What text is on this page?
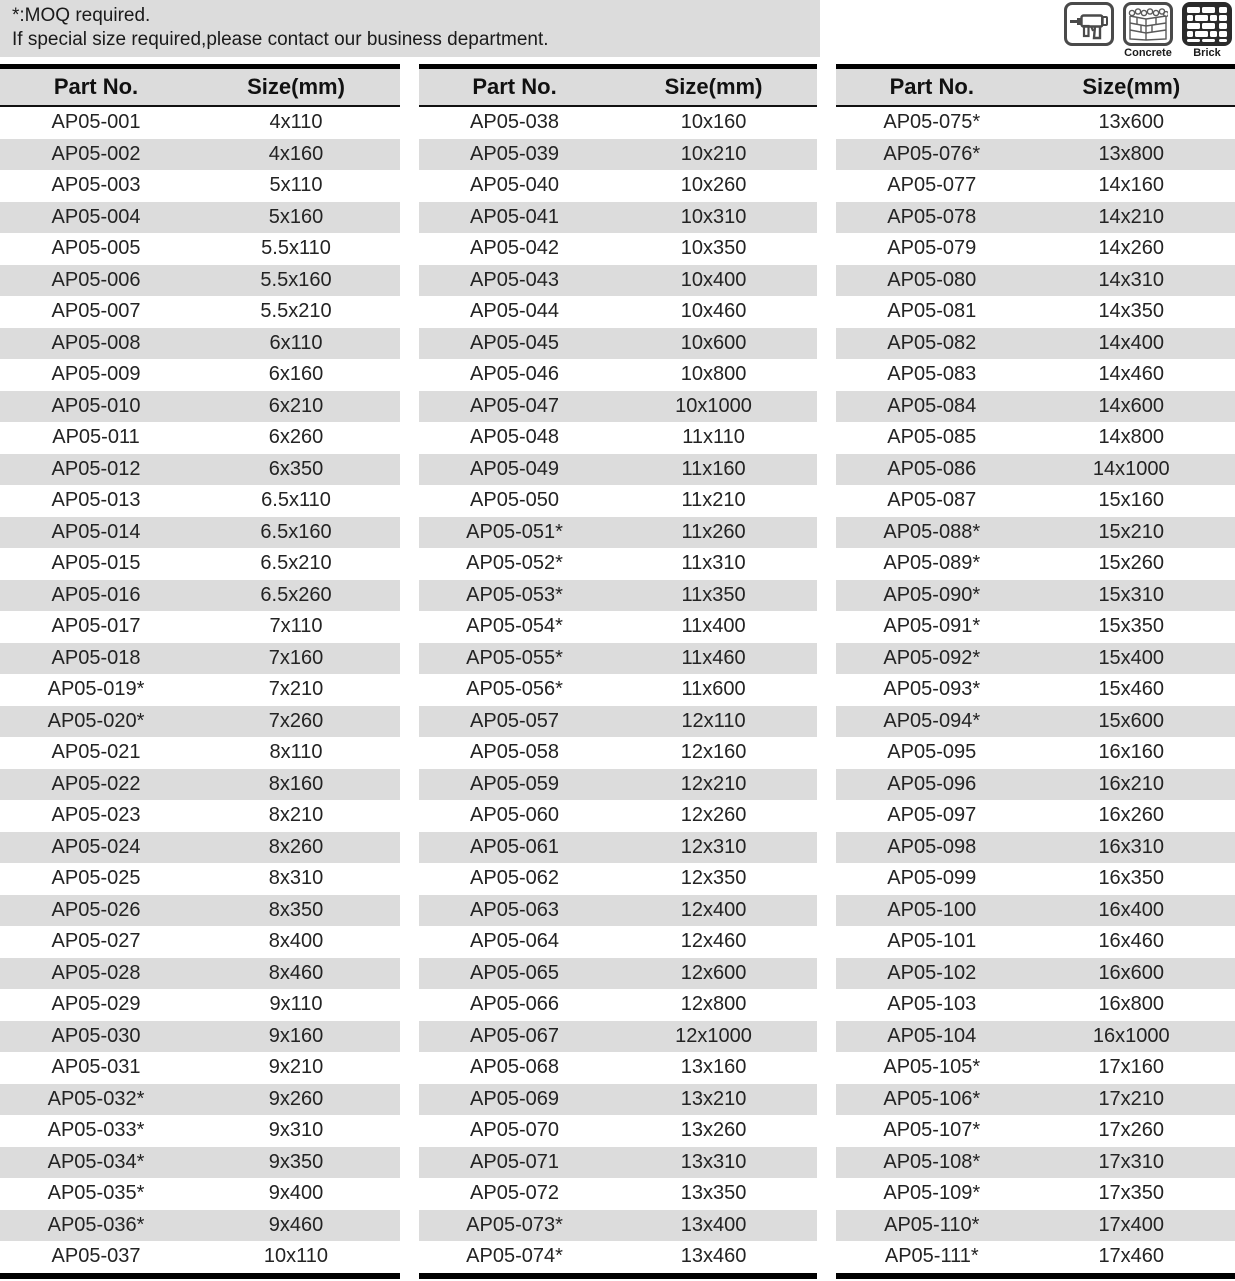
*:MOQ required.
If special size required,please contact our business department.
Concrete Brick
Part No.	Size(mm)
AP05-001	4x110
AP05-002	4x160
AP05-003	5x110
AP05-004	5x160
AP05-005	5.5x110
AP05-006	5.5x160
AP05-007	5.5x210
AP05-008	6x110
AP05-009	6x160
AP05-010	6x210
AP05-011	6x260
AP05-012	6x350
AP05-013	6.5x110
AP05-014	6.5x160
AP05-015	6.5x210
AP05-016	6.5x260
AP05-017	7x110
AP05-018	7x160
AP05-019*	7x210
AP05-020*	7x260
AP05-021	8x110
AP05-022	8x160
AP05-023	8x210
AP05-024	8x260
AP05-025	8x310
AP05-026	8x350
AP05-027	8x400
AP05-028	8x460
AP05-029	9x110
AP05-030	9x160
AP05-031	9x210
AP05-032*	9x260
AP05-033*	9x310
AP05-034*	9x350
AP05-035*	9x400
AP05-036*	9x460
AP05-037	10x110
Part No.	Size(mm)
AP05-038	10x160
AP05-039	10x210
AP05-040	10x260
AP05-041	10x310
AP05-042	10x350
AP05-043	10x400
AP05-044	10x460
AP05-045	10x600
AP05-046	10x800
AP05-047	10x1000
AP05-048	11x110
AP05-049	11x160
AP05-050	11x210
AP05-051*	11x260
AP05-052*	11x310
AP05-053*	11x350
AP05-054*	11x400
AP05-055*	11x460
AP05-056*	11x600
AP05-057	12x110
AP05-058	12x160
AP05-059	12x210
AP05-060	12x260
AP05-061	12x310
AP05-062	12x350
AP05-063	12x400
AP05-064	12x460
AP05-065	12x600
AP05-066	12x800
AP05-067	12x1000
AP05-068	13x160
AP05-069	13x210
AP05-070	13x260
AP05-071	13x310
AP05-072	13x350
AP05-073*	13x400
AP05-074*	13x460
Part No.	Size(mm)
AP05-075*	13x600
AP05-076*	13x800
AP05-077	14x160
AP05-078	14x210
AP05-079	14x260
AP05-080	14x310
AP05-081	14x350
AP05-082	14x400
AP05-083	14x460
AP05-084	14x600
AP05-085	14x800
AP05-086	14x1000
AP05-087	15x160
AP05-088*	15x210
AP05-089*	15x260
AP05-090*	15x310
AP05-091*	15x350
AP05-092*	15x400
AP05-093*	15x460
AP05-094*	15x600
AP05-095	16x160
AP05-096	16x210
AP05-097	16x260
AP05-098	16x310
AP05-099	16x350
AP05-100	16x400
AP05-101	16x460
AP05-102	16x600
AP05-103	16x800
AP05-104	16x1000
AP05-105*	17x160
AP05-106*	17x210
AP05-107*	17x260
AP05-108*	17x310
AP05-109*	17x350
AP05-110*	17x400
AP05-111*	17x460
